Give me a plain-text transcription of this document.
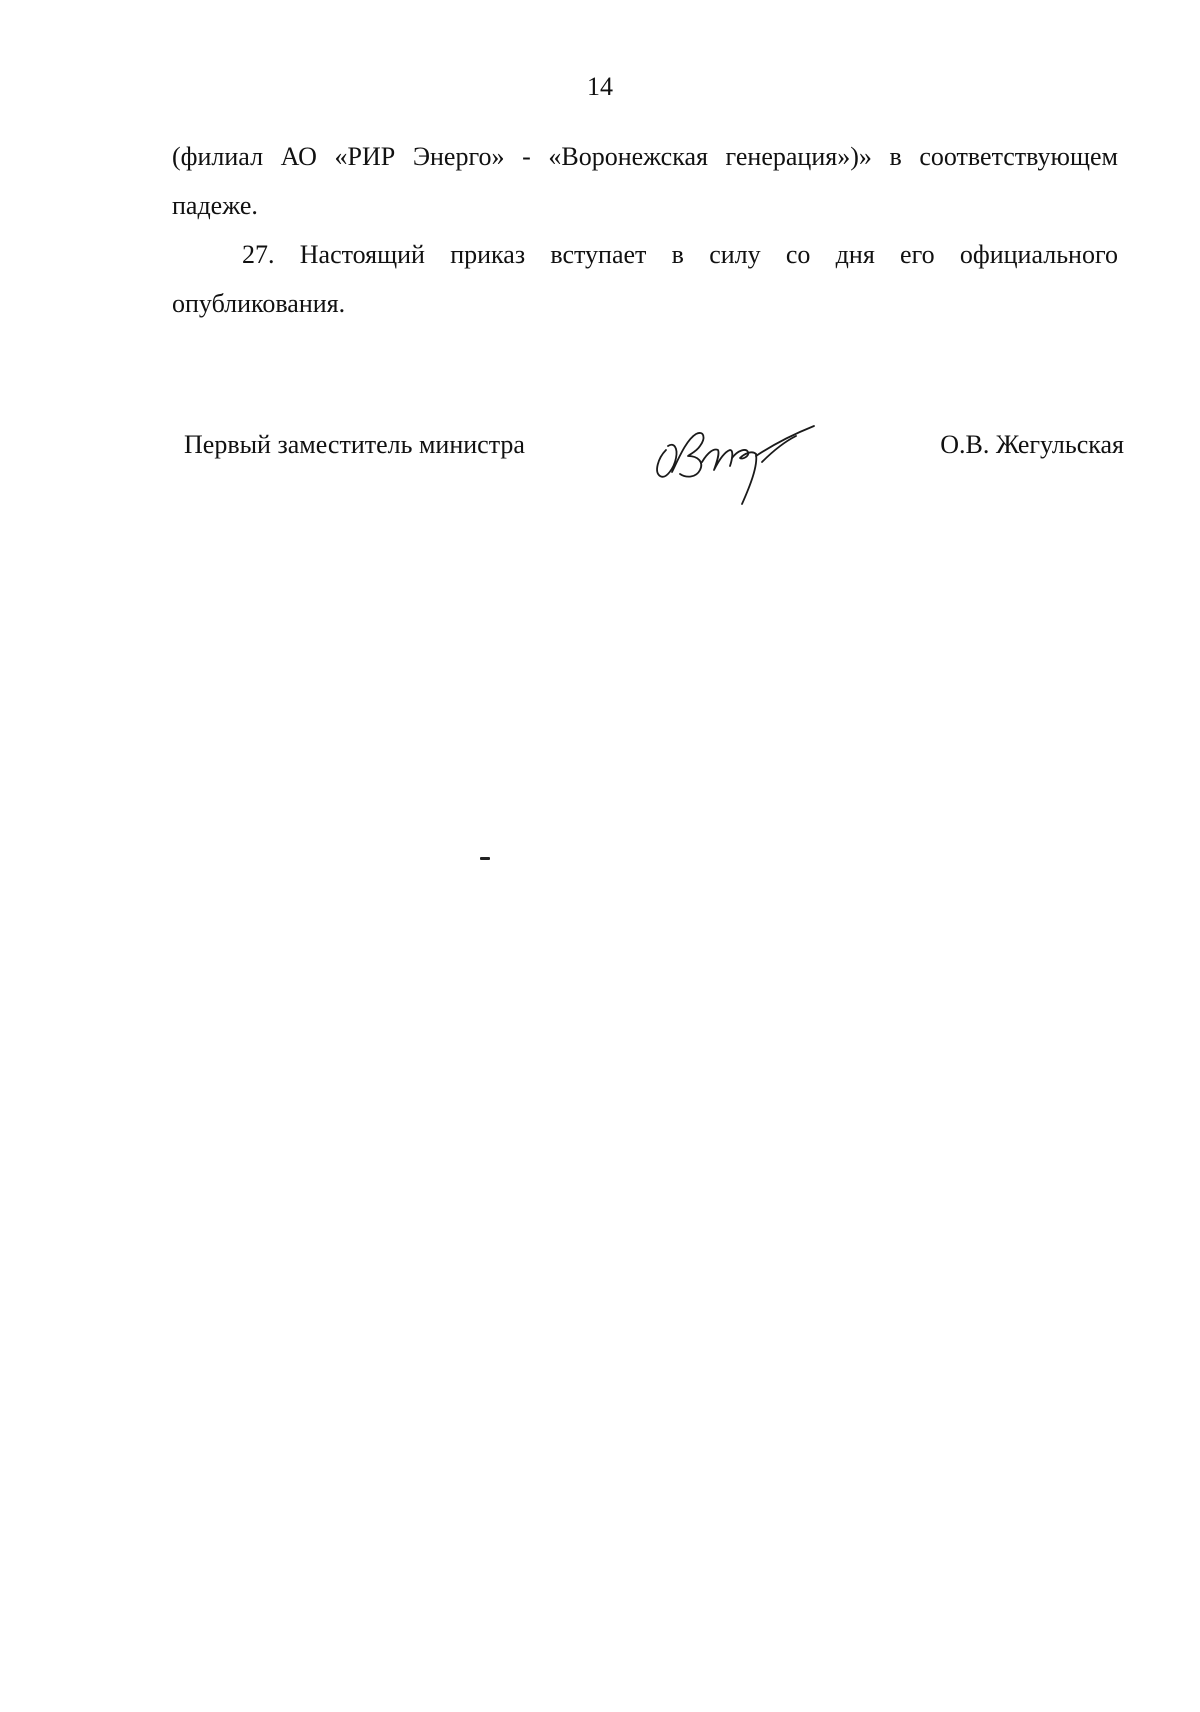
14

(филиал АО «РИР Энерго» - «Воронежская генерация»)» в соответствующем падеже.

27. Настоящий приказ вступает в силу со дня его официального опубликования.

Первый заместитель министра	О.В. Жегульская
